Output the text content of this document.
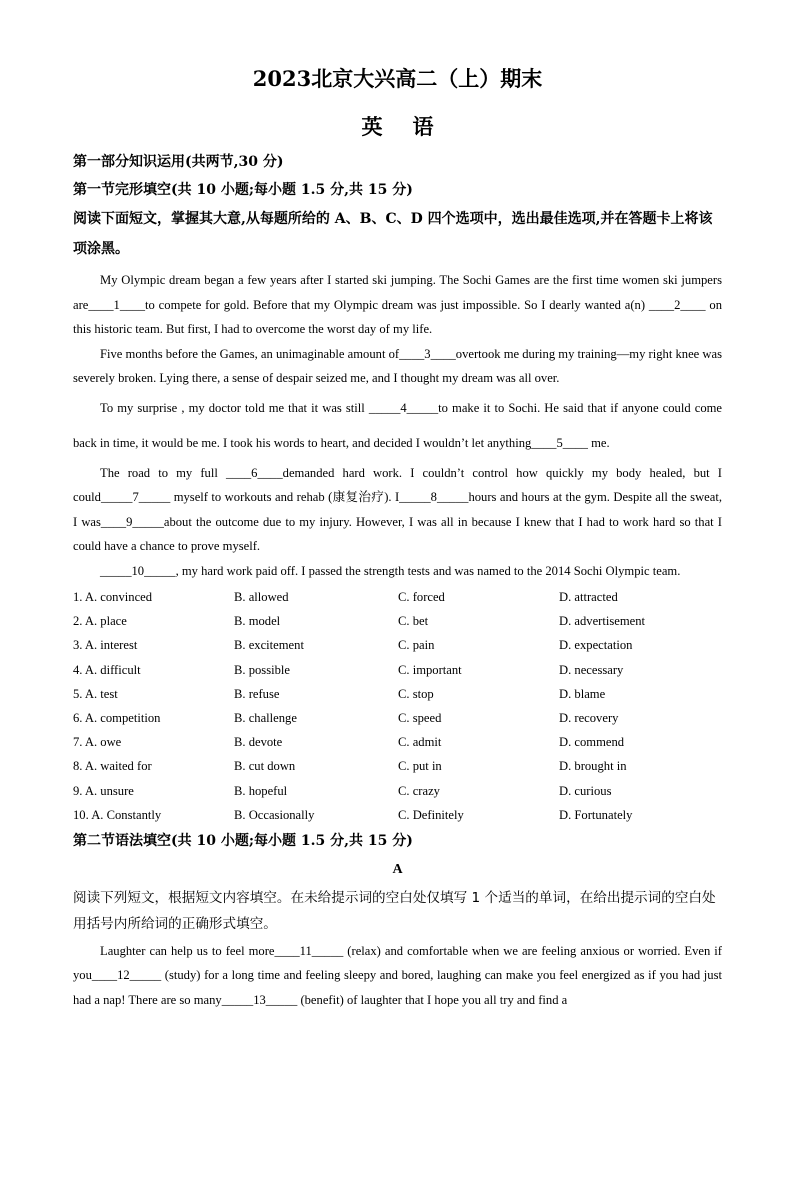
2023北京大兴高二（上）期末
英语

第一部分知识运用(共两节,30 分)

第一节完形填空(共 10 小题;每小题 1.5 分,共 15 分)

阅读下面短文，掌握其大意,从每题所给的 A、B、C、D 四个选项中，选出最佳选项,并在答题卡上将该项涂黑。

My Olympic dream began a few years after I started ski jumping. The Sochi Games are the first time women ski jumpers are____1____to compete for gold. Before that my Olympic dream was just impossible. So I dearly wanted a(n) ____2____ on this historic team. But first, I had to overcome the worst day of my life.

Five months before the Games, an unimaginable amount of____3____overtook me during my training—my right knee was severely broken. Lying there, a sense of despair seized me, and I thought my dream was all over.

To my surprise , my doctor told me that it was still _____4_____to make it to Sochi. He said that if anyone could come back in time, it would be me. I took his words to heart, and decided I wouldn’t let anything____5____ me.

The road to my full ____6____demanded hard work. I couldn’t control how quickly my body healed, but I could_____7_____ myself to workouts and rehab (康复治疗). I_____8_____hours and hours at the gym. Despite all the sweat, I was____9_____about the outcome due to my injury. However, I was all in because I knew that I had to work hard so that I could have a chance to prove myself.

_____10_____, my hard work paid off. I passed the strength tests and was named to the 2014 Sochi Olympic team.

1. A. convinced	B. allowed	C. forced	D. attracted
2. A. place	B. model	C. bet	D. advertisement
3. A. interest	B. excitement	C. pain	D. expectation
4. A. difficult	B. possible	C. important	D. necessary
5. A. test	B. refuse	C. stop	D. blame
6. A. competition	B. challenge	C. speed	D. recovery
7. A. owe	B. devote	C. admit	D. commend
8. A. waited for	B. cut down	C. put in	D. brought in
9. A. unsure	B. hopeful	C. crazy	D. curious
10. A. Constantly	B. Occasionally	C. Definitely	D. Fortunately

第二节语法填空(共 10 小题;每小题 1.5 分,共 15 分)

A

阅读下列短文，根据短文内容填空。在未给提示词的空白处仅填写 1 个适当的单词，在给出提示词的空白处用括号内所给词的正确形式填空。

Laughter can help us to feel more____11_____ (relax) and comfortable when we are feeling anxious or worried. Even if you____12_____ (study) for a long time and feeling sleepy and bored, laughing can make you feel energized as if you had just had a nap! There are so many_____13_____ (benefit) of laughter that I hope you all try and find a
